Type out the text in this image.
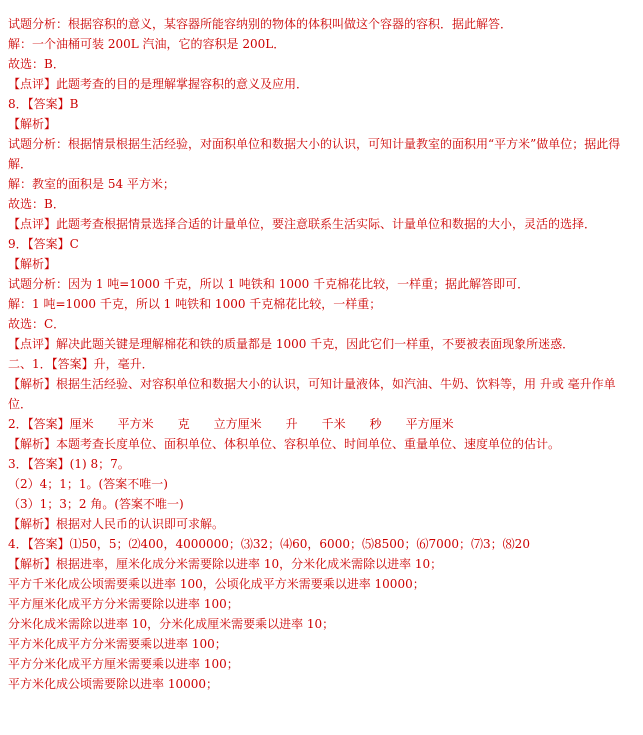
试题分析：根据容积的意义，某容器所能容纳别的物体的体积叫做这个容器的容积．据此解答．
解：一个油桶可装 200L 汽油，它的容积是 200L．
故选：B．
【点评】此题考查的目的是理解掌握容积的意义及应用．
8．【答案】B
【解析】
试题分析：根据情景根据生活经验，对面积单位和数据大小的认识，可知计量教室的面积用“平方米”做单位；据此得解．
解：教室的面积是 54 平方米；
故选：B．
【点评】此题考查根据情景选择合适的计量单位，要注意联系生活实际、计量单位和数据的大小，灵活的选择．
9．【答案】C
【解析】
试题分析：因为 1 吨=1000 千克，所以 1 吨铁和 1000 千克棉花比较，一样重；据此解答即可．
解：1 吨=1000 千克，所以 1 吨铁和 1000 千克棉花比较，一样重；
故选：C．
【点评】解决此题关键是理解棉花和铁的质量都是 1000 千克，因此它们一样重，不要被表面现象所迷惑．
二、1．【答案】升，毫升．
【解析】根据生活经验、对容积单位和数据大小的认识，可知计量液体，如汽油、牛奶、饮料等，用 升或 毫升作单位．
2．【答案】厘米　　平方米　　克　　立方厘米　　升　　千米　　秒　　平方厘米
【解析】本题考查长度单位、面积单位、体积单位、容积单位、时间单位、重量单位、速度单位的估计。
3．【答案】(1) 8；7。
（2）4；1；1。(答案不唯一)
（3）1；3；2 角。(答案不唯一)
【解析】根据对人民币的认识即可求解。
4．【答案】⑴50，5；⑵400，4000000；⑶32；⑷60，6000；⑸8500；⑹7000；⑺3；⑻20
【解析】根据进率，厘米化成分米需要除以进率 10，分米化成米需除以进率 10；
平方千米化成公顷需要乘以进率 100，公顷化成平方米需要乘以进率 10000；
平方厘米化成平方分米需要除以进率 100；
分米化成米需除以进率 10，分米化成厘米需要乘以进率 10；
平方米化成平方分米需要乘以进率 100；
平方分米化成平方厘米需要乘以进率 100；
平方米化成公顷需要除以进率 10000；
